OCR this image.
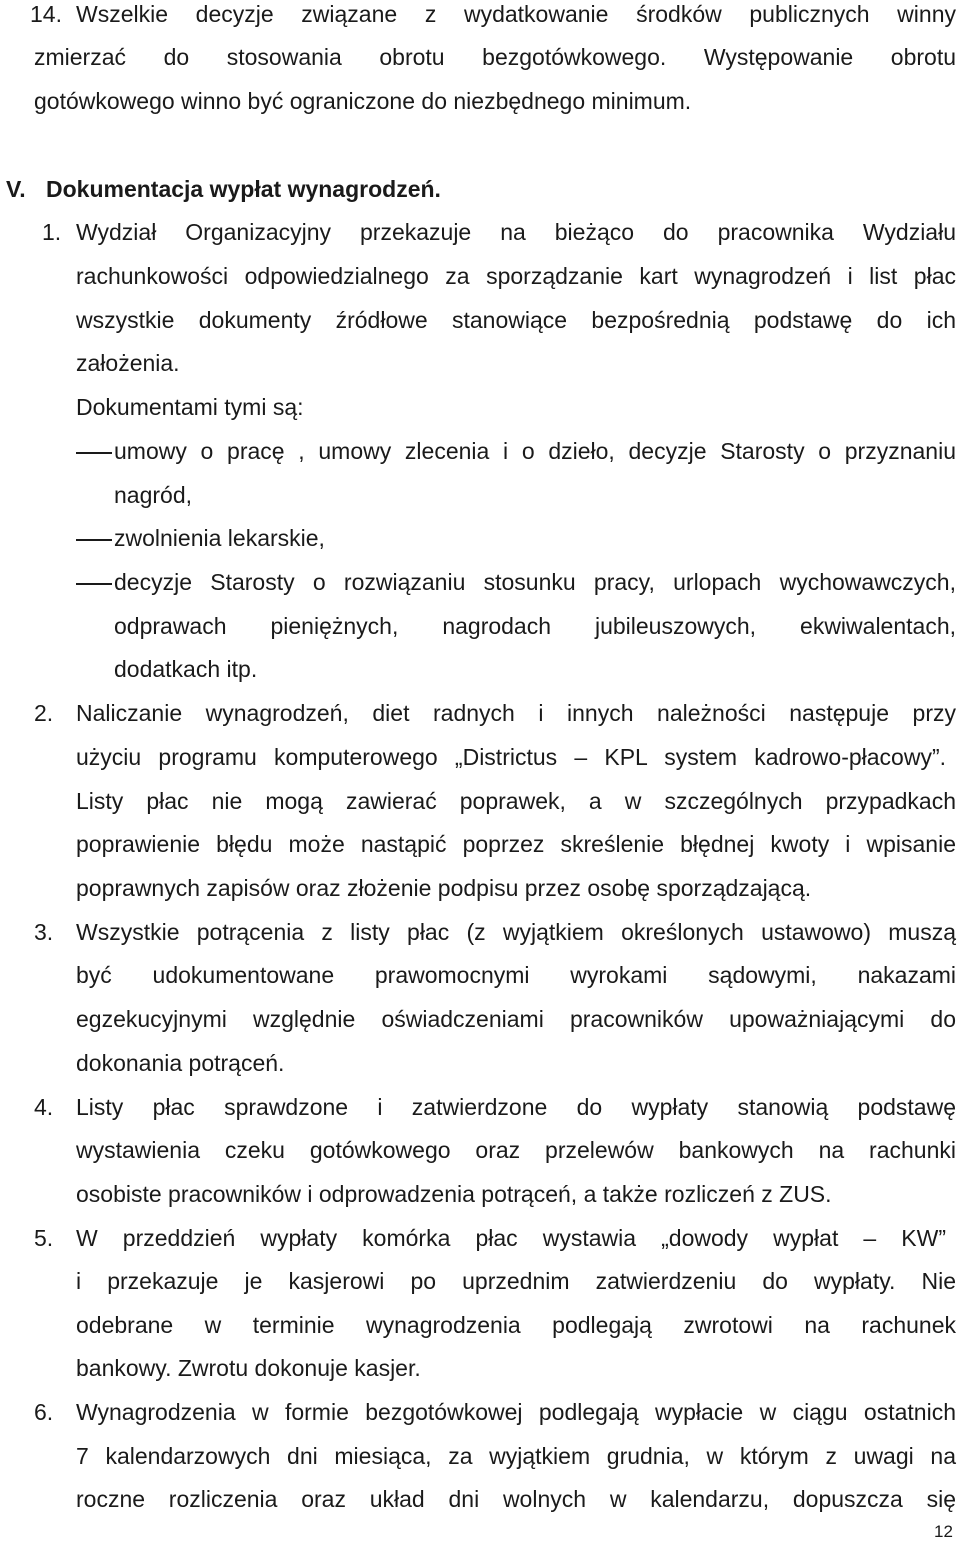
14. Wszelkie decyzje związane z wydatkowanie środków publicznych winny
zmierzać do stosowania obrotu bezgotówkowego. Występowanie obrotu
gotówkowego winno być ograniczone do niezbędnego minimum.
V. Dokumentacja wypłat wynagrodzeń.
1. Wydział Organizacyjny przekazuje na bieżąco do pracownika Wydziału
rachunkowości odpowiedzialnego za sporządzanie kart wynagrodzeń i list płac
wszystkie dokumenty źródłowe stanowiące bezpośrednią podstawę do ich
założenia.
Dokumentami tymi są:
umowy o pracę , umowy zlecenia i o dzieło, decyzje Starosty o przyznaniu
nagród,
zwolnienia lekarskie,
decyzje Starosty o rozwiązaniu stosunku pracy, urlopach wychowawczych,
odprawach pieniężnych, nagrodach jubileuszowych, ekwiwalentach,
dodatkach itp.
2. Naliczanie wynagrodzeń, diet radnych i innych należności następuje przy
użyciu programu komputerowego „Districtus – KPL system kadrowo-płacowy”.
Listy płac nie mogą zawierać poprawek, a w szczególnych przypadkach
poprawienie błędu może nastąpić poprzez skreślenie błędnej kwoty i wpisanie
poprawnych zapisów oraz złożenie podpisu przez osobę sporządzającą.
3. Wszystkie potrącenia z listy płac (z wyjątkiem określonych ustawowo) muszą
być udokumentowane prawomocnymi wyrokami sądowymi, nakazami
egzekucyjnymi względnie oświadczeniami pracowników upoważniającymi do
dokonania potrąceń.
4. Listy płac sprawdzone i zatwierdzone do wypłaty stanowią podstawę
wystawienia czeku gotówkowego oraz przelewów bankowych na rachunki
osobiste pracowników i odprowadzenia potrąceń, a także rozliczeń z ZUS.
5. W przeddzień wypłaty komórka płac wystawia „dowody wypłat – KW”
i przekazuje je kasjerowi po uprzednim zatwierdzeniu do wypłaty. Nie
odebrane w terminie wynagrodzenia podlegają zwrotowi na rachunek
bankowy. Zwrotu dokonuje kasjer.
6. Wynagrodzenia w formie bezgotówkowej podlegają wypłacie w ciągu ostatnich
7 kalendarzowych dni miesiąca, za wyjątkiem grudnia, w którym z uwagi na
roczne rozliczenia oraz układ dni wolnych w kalendarzu, dopuszcza się
12
